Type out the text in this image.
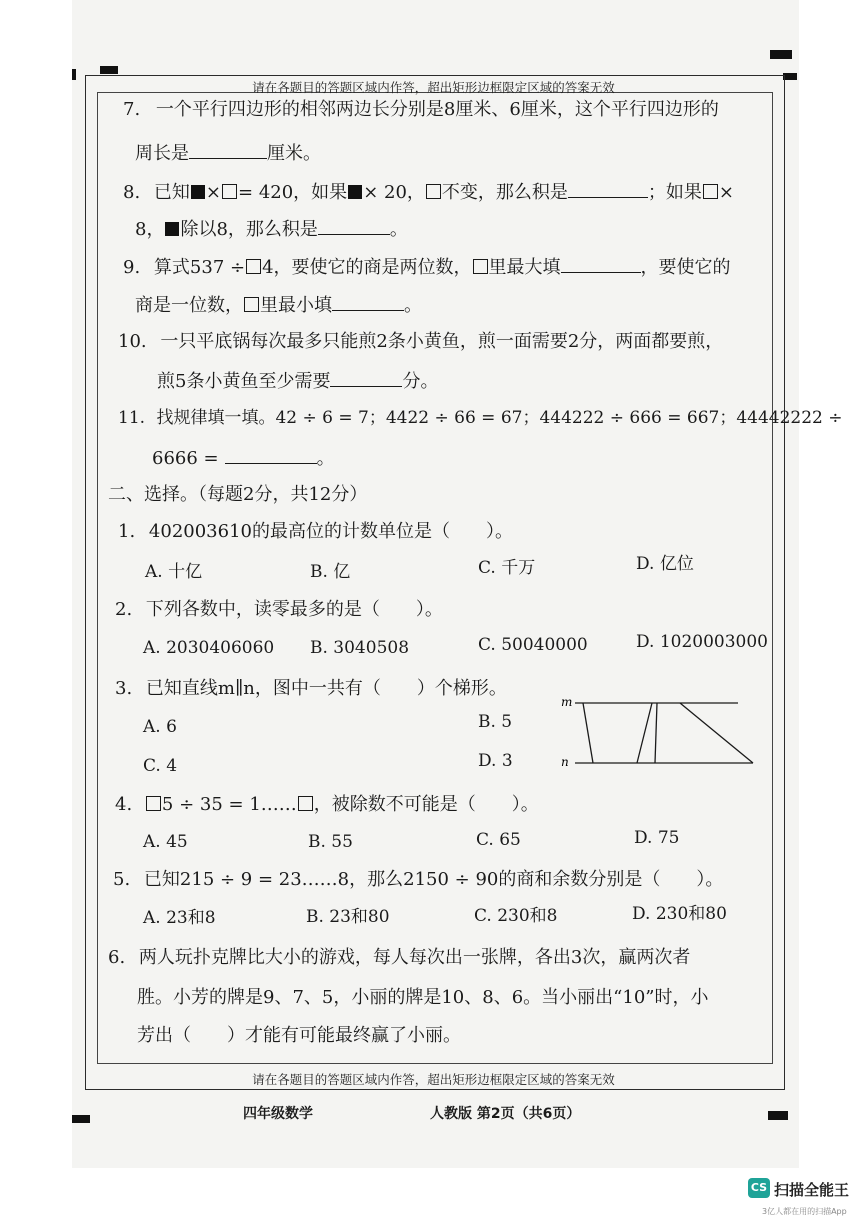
请在各题目的答题区域内作答，超出矩形边框限定区域的答案无效
请在各题目的答题区域内作答，超出矩形边框限定区域的答案无效
7. 一个平行四边形的相邻两边长分别是8厘米、6厘米，这个平行四边形的
周长是	厘米。
8. 已知 × = 420，如果 × 20， 不变，那么积是	；如果 ×
8， 除以8，那么积是	。
9. 算式537 ÷ 4，要使它的商是两位数， 里最大填	，要使它的
商是一位数， 里最小填	。
10. 一只平底锅每次最多只能煎2条小黄鱼，煎一面需要2分，两面都要煎，
煎5条小黄鱼至少需要	分。
11. 找规律填一填。42 ÷ 6 = 7；4422 ÷ 66 = 67；444222 ÷ 666 = 667；44442222 ÷
6666 =	。
二、选择。（每题2分，共12分）
1. 402003610的最高位的计数单位是（　　）。
A. 十亿	B. 亿	C. 千万	D. 亿位
2. 下列各数中，读零最多的是（　　）。
A. 2030406060 B. 3040508	C. 50040000	D. 1020003000
3. 已知直线m∥n，图中一共有（　　）个梯形。
A. 6	B. 5
C. 4	D. 3
m
n
4. 5 ÷ 35 = 1…… ，被除数不可能是（　　）。
A. 45	B. 55	C. 65	D. 75
5. 已知215 ÷ 9 = 23……8，那么2150 ÷ 90的商和余数分别是（　　）。
A. 23和8	B. 23和80	C. 230和8	D. 230和80
6. 两人玩扑克牌比大小的游戏，每人每次出一张牌，各出3次，赢两次者
胜。小芳的牌是9、7、5，小丽的牌是10、8、6。当小丽出“10”时，小
芳出（　　）才能有可能最终赢了小丽。
四年级数学	人教版 第2页（共6页）
CS 扫描全能王
3亿人都在用的扫描App
